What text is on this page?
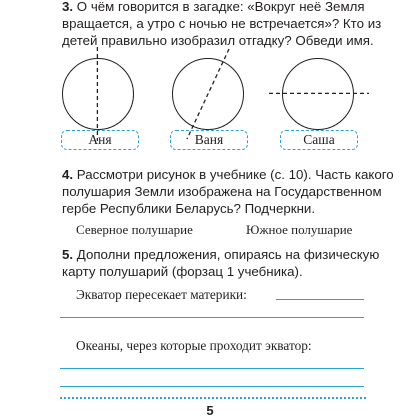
3. О чём говорится в загадке: «Вокруг неё Земля вращается, а утро с ночью не встречается»? Кто из детей правильно изобразил отгадку? Обведи имя.
Аня	Ваня	Саша
4. Рассмотри рисунок в учебнике (с. 10). Часть какого полушария Земли изображена на Государственном гербе Республики Беларусь? Подчеркни.
Северное полушарие	Южное полушарие
5. Дополни предложения, опираясь на физическую карту полушарий (форзац 1 учебника).
Экватор пересекает материки:
Океаны, через которые проходит экватор:
5
